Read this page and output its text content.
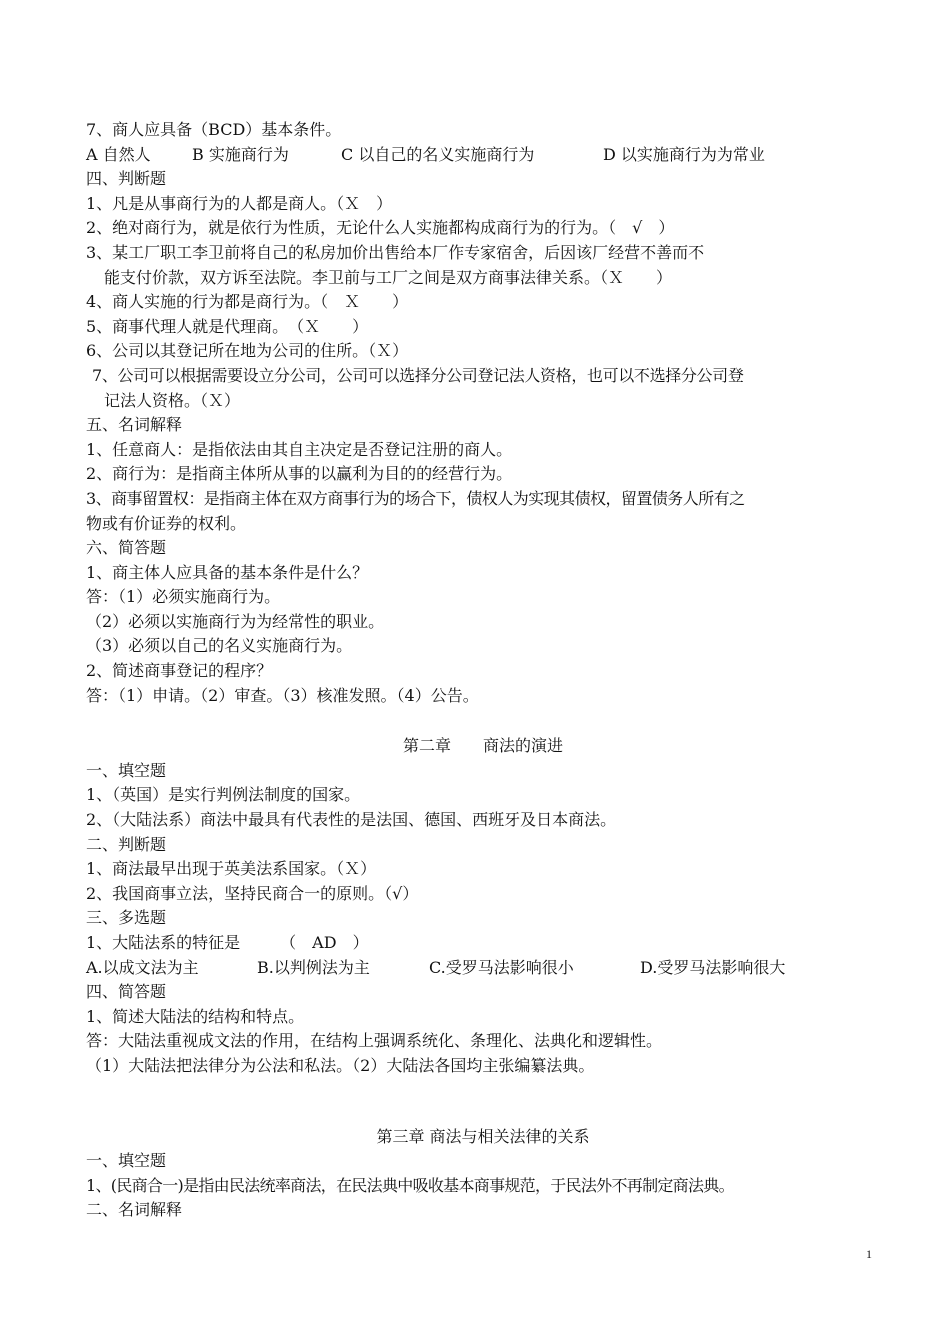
7、商人应具备（BCD）基本条件。
A 自然人	B 实施商行为	C 以自己的名义实施商行为	D 以实施商行为为常业
四、判断题
1、凡是从事商行为的人都是商人。（Ｘ　）
2、绝对商行为，就是依行为性质，无论什么人实施都构成商行为的行为。（　√　）
3、某工厂职工李卫前将自己的私房加价出售给本厂作专家宿舍，后因该厂经营不善而不
能支付价款，双方诉至法院。李卫前与工厂之间是双方商事法律关系。（Ｘ　　）
4、商人实施的行为都是商行为。（　Ｘ　　）
5、商事代理人就是代理商。　（Ｘ　　）
6、公司以其登记所在地为公司的住所。（Ｘ）
7、公司可以根据需要设立分公司，公司可以选择分公司登记法人资格，也可以不选择分公司登
记法人资格。（Ｘ）
五、名词解释
1、任意商人：是指依法由其自主决定是否登记注册的商人。
2、商行为：是指商主体所从事的以赢利为目的的经营行为。
3、商事留置权：是指商主体在双方商事行为的场合下，债权人为实现其债权，留置债务人所有之
物或有价证券的权利。
六、简答题
1、商主体人应具备的基本条件是什么？
答：（1）必须实施商行为。
（2）必须以实施商行为为经常性的职业。
（3）必须以自己的名义实施商行为。
2、简述商事登记的程序？
答：（1）申请。（2）审查。（3）核准发照。（4）公告。
第二章　　商法的演进
一、填空题
1、（英国）是实行判例法制度的国家。
2、（大陆法系）商法中最具有代表性的是法国、德国、西班牙及日本商法。
二、判断题
1、商法最早出现于英美法系国家。（Ｘ）
2、我国商事立法，坚持民商合一的原则。（√）
三、多选题
1、大陆法系的特征是　　　（　AD　）
A.以成文法为主	B.以判例法为主	C.受罗马法影响很小	D.受罗马法影响很大
四、简答题
1、简述大陆法的结构和特点。
答：大陆法重视成文法的作用，在结构上强调系统化、条理化、法典化和逻辑性。
（1）大陆法把法律分为公法和私法。（2）大陆法各国均主张编纂法典。
第三章 商法与相关法律的关系
一、填空题
1、(民商合一)是指由民法统率商法，在民法典中吸收基本商事规范，于民法外不再制定商法典。
二、名词解释
1
